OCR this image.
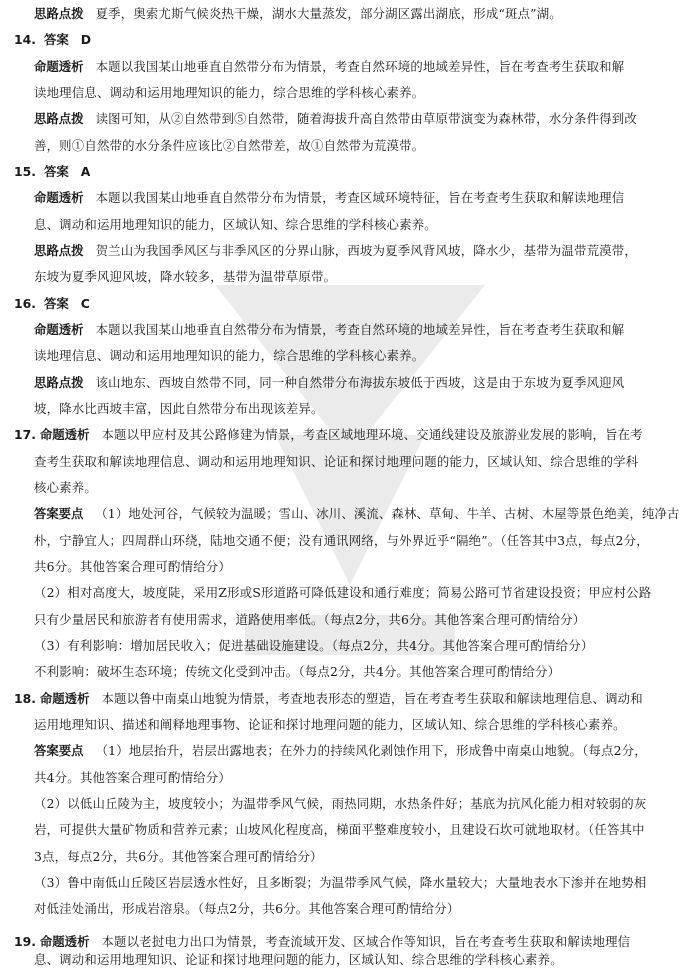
思路点拨 夏季，奥索尤斯气候炎热干燥，湖水大量蒸发，部分湖区露出湖底，形成“斑点”湖。
14. 答案 D
命题透析 本题以我国某山地垂直自然带分布为情景，考查自然环境的地域差异性，旨在考查考生获取和解
读地理信息、调动和运用地理知识的能力，综合思维的学科核心素养。
思路点拨 读图可知，从②自然带到⑤自然带，随着海拔升高自然带由草原带演变为森林带，水分条件得到改
善，则①自然带的水分条件应该比②自然带差，故①自然带为荒漠带。
15. 答案 A
命题透析 本题以我国某山地垂直自然带分布为情景，考查区域环境特征，旨在考查考生获取和解读地理信
息、调动和运用地理知识的能力，区域认知、综合思维的学科核心素养。
思路点拨 贺兰山为我国季风区与非季风区的分界山脉，西坡为夏季风背风坡，降水少，基带为温带荒漠带，
东坡为夏季风迎风坡，降水较多，基带为温带草原带。
16. 答案 C
命题透析 本题以我国某山地垂直自然带分布为情景，考查自然环境的地域差异性，旨在考查考生获取和解
读地理信息、调动和运用地理知识的能力，综合思维的学科核心素养。
思路点拨 该山地东、西坡自然带不同，同一种自然带分布海拔东坡低于西坡，这是由于东坡为夏季风迎风
坡，降水比西坡丰富，因此自然带分布出现该差异。
17. 命题透析 本题以甲应村及其公路修建为情景，考查区域地理环境、交通线建设及旅游业发展的影响，旨在考
查考生获取和解读地理信息、调动和运用地理知识、论证和探讨地理问题的能力，区域认知、综合思维的学科
核心素养。
答案要点 （1）地处河谷，气候较为温暖；雪山、冰川、溪流、森林、草甸、牛羊、古树、木屋等景色绝美，纯净古
朴，宁静宜人；四周群山环绕，陆地交通不便；没有通讯网络，与外界近乎“隔绝”。（任答其中3点，每点2分，
共6分。其他答案合理可酌情给分）
（2）相对高度大，坡度陡，采用Z形或S形道路可降低建设和通行难度；简易公路可节省建设投资；甲应村公路
只有少量居民和旅游者有使用需求，道路使用率低。（每点2分，共6分。其他答案合理可酌情给分）
（3）有利影响：增加居民收入；促进基础设施建设。（每点2分，共4分。其他答案合理可酌情给分）
不利影响：破坏生态环境；传统文化受到冲击。（每点2分，共4分。其他答案合理可酌情给分）
18. 命题透析 本题以鲁中南桌山地貌为情景，考查地表形态的塑造，旨在考查考生获取和解读地理信息、调动和
运用地理知识、描述和阐释地理事物、论证和探讨地理问题的能力，区域认知、综合思维的学科核心素养。
答案要点 （1）地层抬升，岩层出露地表；在外力的持续风化剥蚀作用下，形成鲁中南桌山地貌。（每点2分，
共4分。其他答案合理可酌情给分）
（2）以低山丘陵为主，坡度较小；为温带季风气候，雨热同期，水热条件好；基底为抗风化能力相对较弱的灰
岩，可提供大量矿物质和营养元素；山坡风化程度高，梯面平整难度较小，且建设石坎可就地取材。（任答其中
3点，每点2分，共6分。其他答案合理可酌情给分）
（3）鲁中南低山丘陵区岩层透水性好，且多断裂；为温带季风气候，降水量较大；大量地表水下渗并在地势相
对低洼处涌出，形成岩溶泉。（每点2分，共6分。其他答案合理可酌情给分）
19. 命题透析 本题以老挝电力出口为情景，考查流域开发、区域合作等知识，旨在考查考生获取和解读地理信
息、调动和运用地理知识、论证和探讨地理问题的能力，区域认知、综合思维的学科核心素养。
